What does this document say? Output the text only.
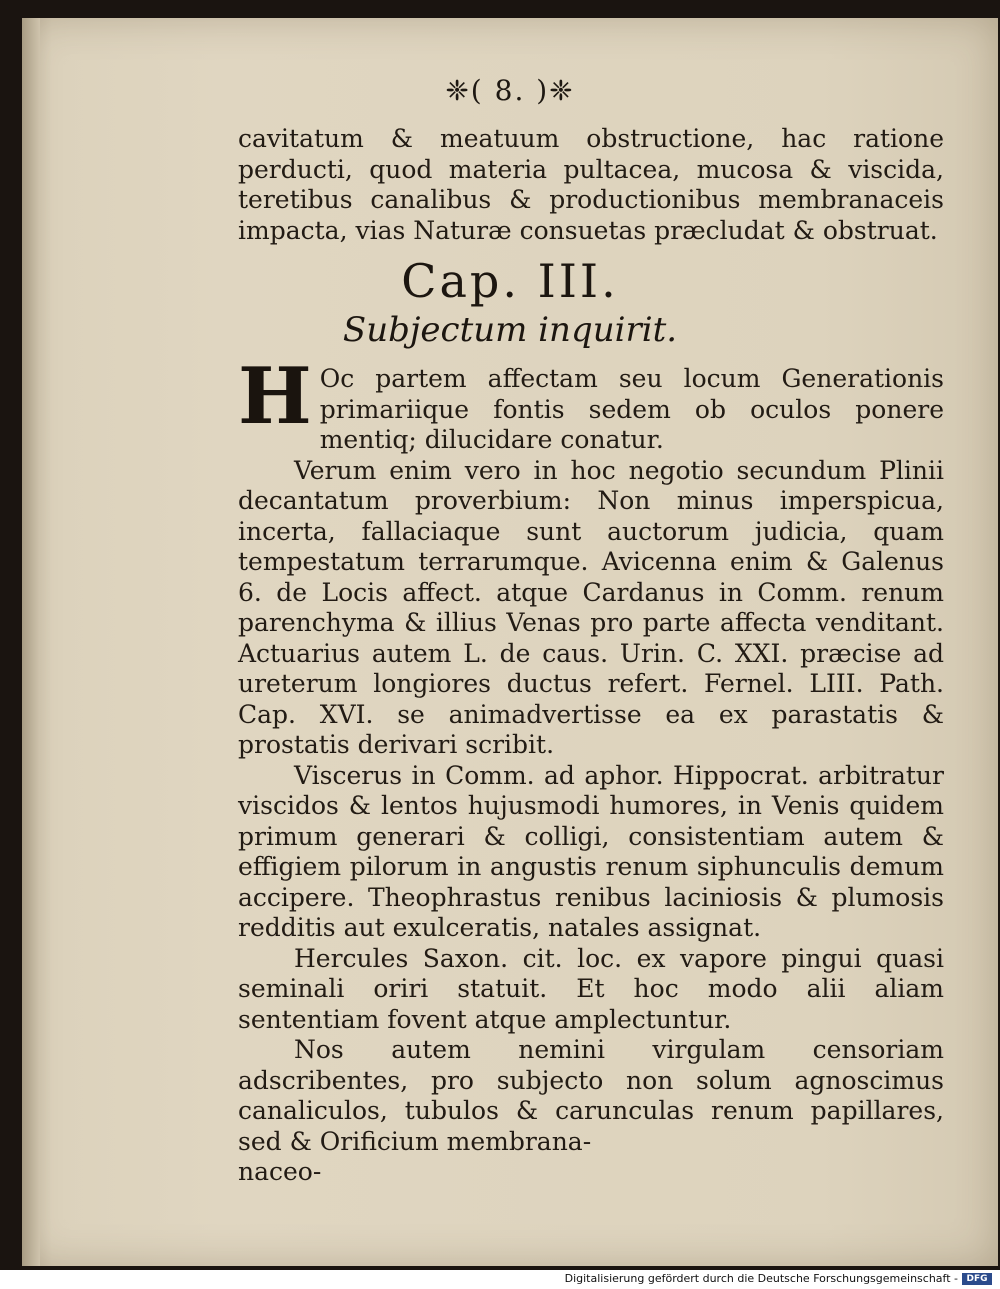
❈( 8. )❈

cavitatum & meatuum obstructione, hac ratione perducti, quod materia pultacea, mucosa & viscida, teretibus canalibus & productionibus membranaceis impacta, vias Naturæ consuetas præcludat & obstruat.

Cap. III.
Subjectum inquirit.

H Oc partem affectam seu locum Generationis primariique fontis sedem ob oculos ponere mentiq; dilucidare conatur.

Verum enim vero in hoc negotio secundum Plinii decantatum proverbium: Non minus imperspicua, incerta, fallaciaque sunt auctorum judicia, quam tempestatum terrarumque. Avicenna enim & Galenus 6. de Locis affect. atque Cardanus in Comm. renum parenchyma & illius Venas pro parte affecta venditant. Actuarius autem L. de caus. Urin. C. XXI. præcise ad ureterum longiores ductus refert. Fernel. LIII. Path. Cap. XVI. se animadvertisse ea ex parastatis & prostatis derivari scribit.

Viscerus in Comm. ad aphor. Hippocrat. arbitratur viscidos & lentos hujusmodi humores, in Venis quidem primum generari & colligi, consistentiam autem & effigiem pilorum in angustis renum siphunculis demum accipere. Theophrastus renibus laciniosis & plumosis redditis aut exulceratis, natales assignat.

Hercules Saxon. cit. loc. ex vapore pingui quasi seminali oriri statuit. Et hoc modo alii aliam sententiam fovent atque amplectuntur.

Nos autem nemini virgulam censoriam adscribentes, pro subjecto non solum agnoscimus canaliculos, tubulos & carunculas renum papillares, sed & Orificium membrana-

naceo-

Digitalisierung gefördert durch die Deutsche Forschungsgemeinschaft - DFG
